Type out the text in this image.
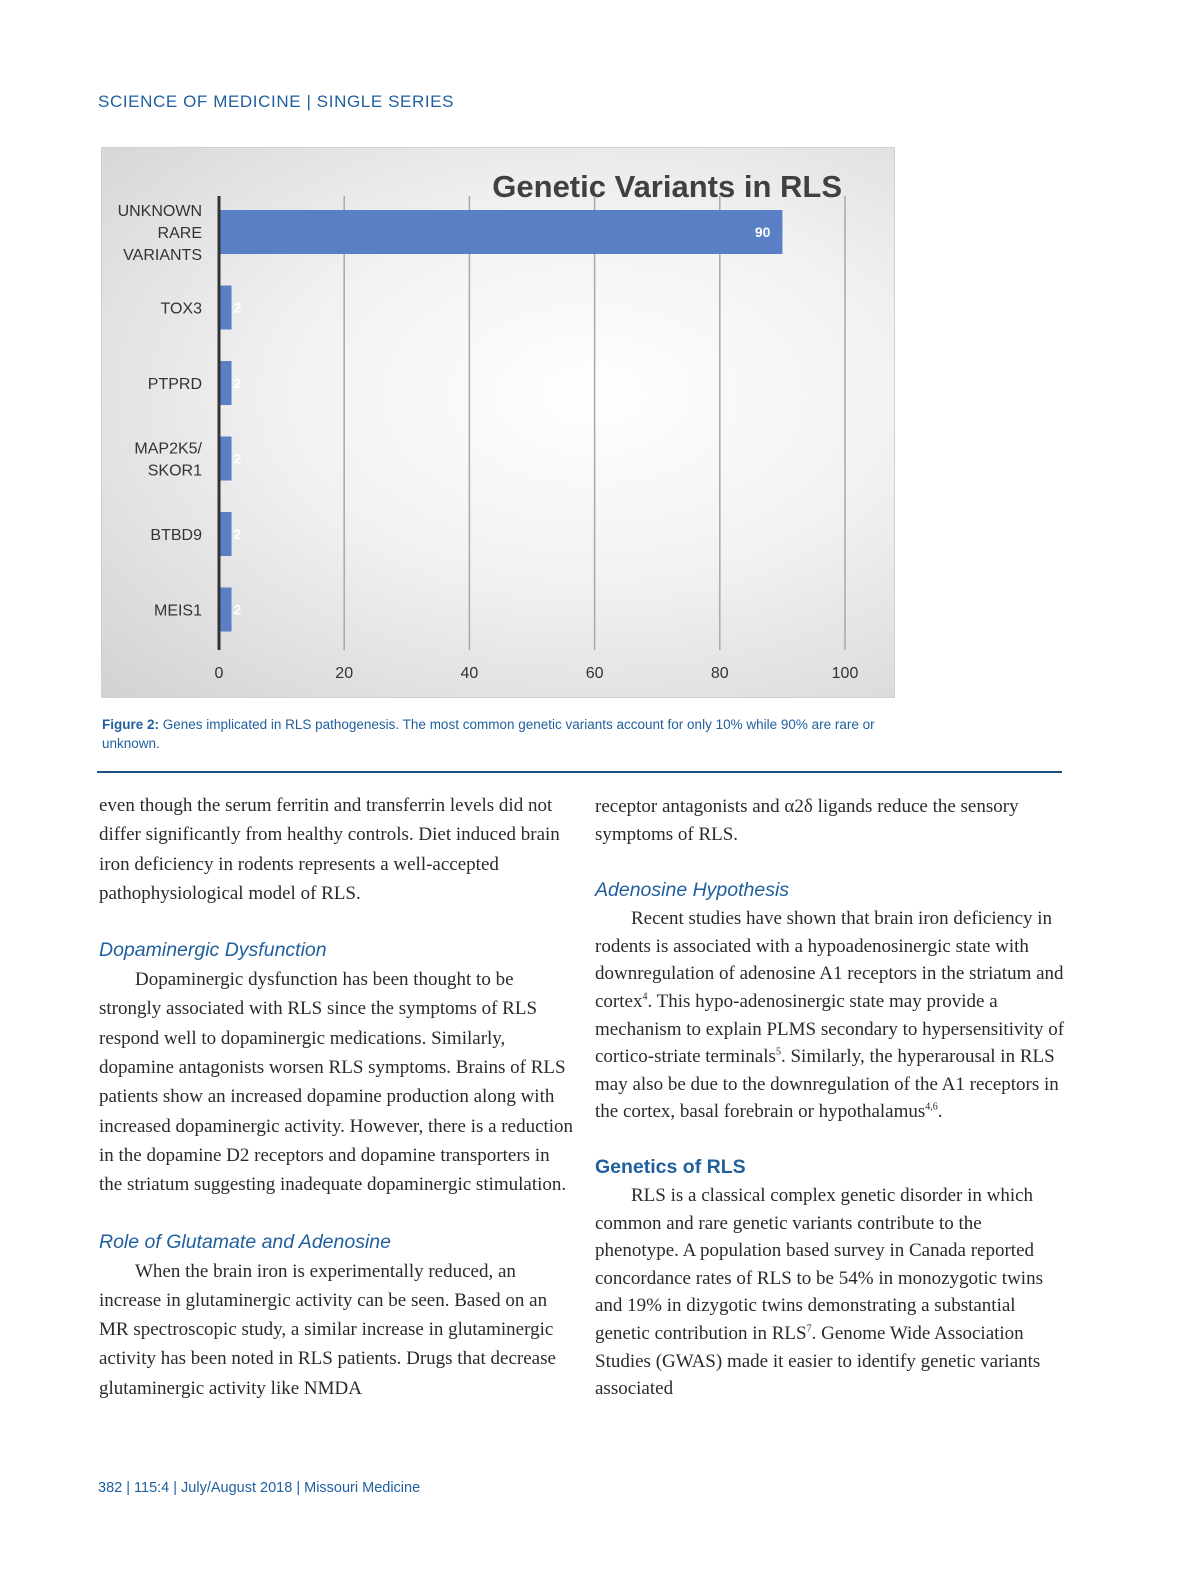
SCIENCE OF MEDICINE | SINGLE SERIES
Genetic Variants in RLS
90
2
2
2
2
2
UNKNOWN RARE VARIANTS
TOX3
PTPRD
MAP2K5/ SKOR1
BTBD9
MEIS1
0	20	40	60	80	100
Figure 2: Genes implicated in RLS pathogenesis. The most common genetic variants account for only 10% while 90% are rare or unknown.

even though the serum ferritin and transferrin levels did not differ significantly from healthy controls. Diet induced brain iron deficiency in rodents represents a well-accepted pathophysiological model of RLS.

Dopaminergic Dysfunction

Dopaminergic dysfunction has been thought to be strongly associated with RLS since the symptoms of RLS respond well to dopaminergic medications. Similarly, dopamine antagonists worsen RLS symptoms. Brains of RLS patients show an increased dopamine production along with increased dopaminergic activity. However, there is a reduction in the dopamine D2 receptors and dopamine transporters in the striatum suggesting inadequate dopaminergic stimulation.

Role of Glutamate and Adenosine

When the brain iron is experimentally reduced, an increase in glutaminergic activity can be seen. Based on an MR spectroscopic study, a similar increase in glutaminergic activity has been noted in RLS patients. Drugs that decrease glutaminergic activity like NMDA

receptor antagonists and α2δ ligands reduce the sensory symptoms of RLS.

Adenosine Hypothesis

Recent studies have shown that brain iron deficiency in rodents is associated with a hypoadenosinergic state with downregulation of adenosine A1 receptors in the striatum and cortex$^4$. This hypo-adenosinergic state may provide a mechanism to explain PLMS secondary to hypersensitivity of cortico-striate terminals$^5$. Similarly, the hyperarousal in RLS may also be due to the downregulation of the A1 receptors in the cortex, basal forebrain or hypothalamus$^{4,6}$.

Genetics of RLS

RLS is a classical complex genetic disorder in which common and rare genetic variants contribute to the phenotype. A population based survey in Canada reported concordance rates of RLS to be 54% in monozygotic twins and 19% in dizygotic twins demonstrating a substantial genetic contribution in RLS$^7$. Genome Wide Association Studies (GWAS) made it easier to identify genetic variants associated

382 | 115:4 | July/August 2018 | Missouri Medicine
